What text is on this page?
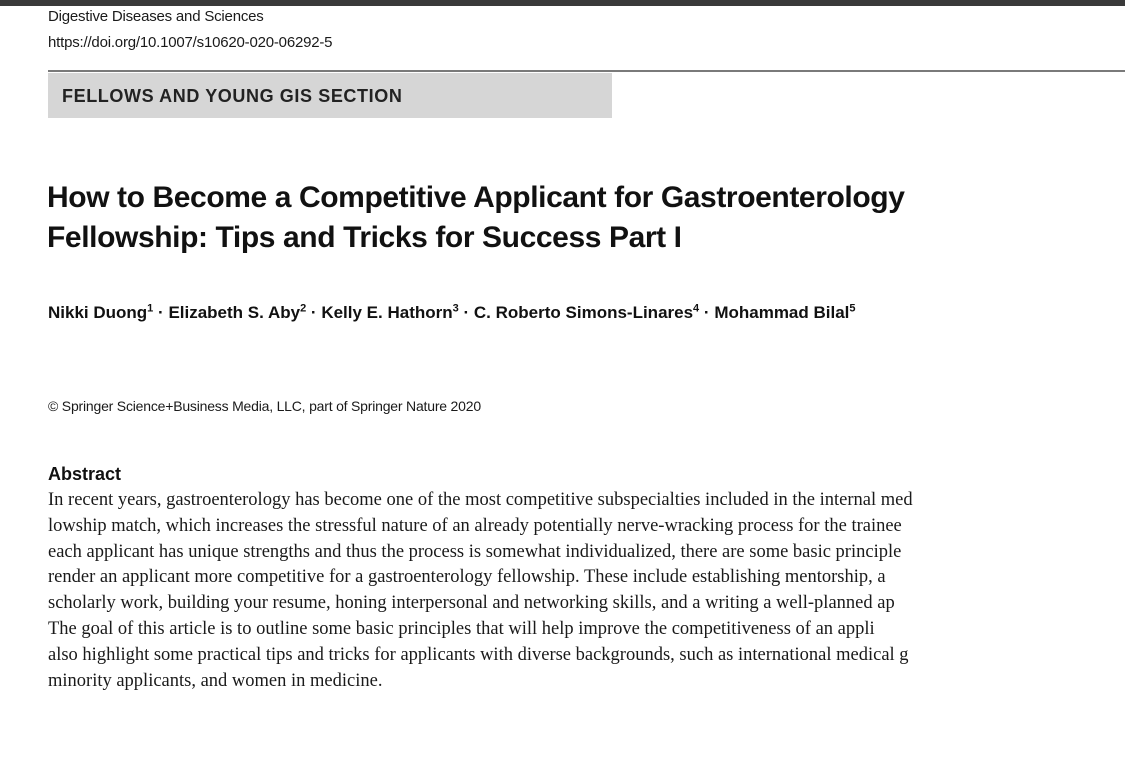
Digestive Diseases and Sciences
https://doi.org/10.1007/s10620-020-06292-5
FELLOWS AND YOUNG GIS SECTION
How to Become a Competitive Applicant for Gastroenterology
Fellowship: Tips and Tricks for Success Part I
Nikki Duong$^1$ · Elizabeth S. Aby$^2$ · Kelly E. Hathorn$^3$ · C. Roberto Simons-Linares$^4$ · Mohammad Bilal$^5$
© Springer Science+Business Media, LLC, part of Springer Nature 2020
Abstract
In recent years, gastroenterology has become one of the most competitive subspecialties included in the internal med
lowship match, which increases the stressful nature of an already potentially nerve-wracking process for the trainee
each applicant has unique strengths and thus the process is somewhat individualized, there are some basic principle
render an applicant more competitive for a gastroenterology fellowship. These include establishing mentorship, a
scholarly work, building your resume, honing interpersonal and networking skills, and a writing a well-planned ap
The goal of this article is to outline some basic principles that will help improve the competitiveness of an appli
also highlight some practical tips and tricks for applicants with diverse backgrounds, such as international medical g
minority applicants, and women in medicine.
